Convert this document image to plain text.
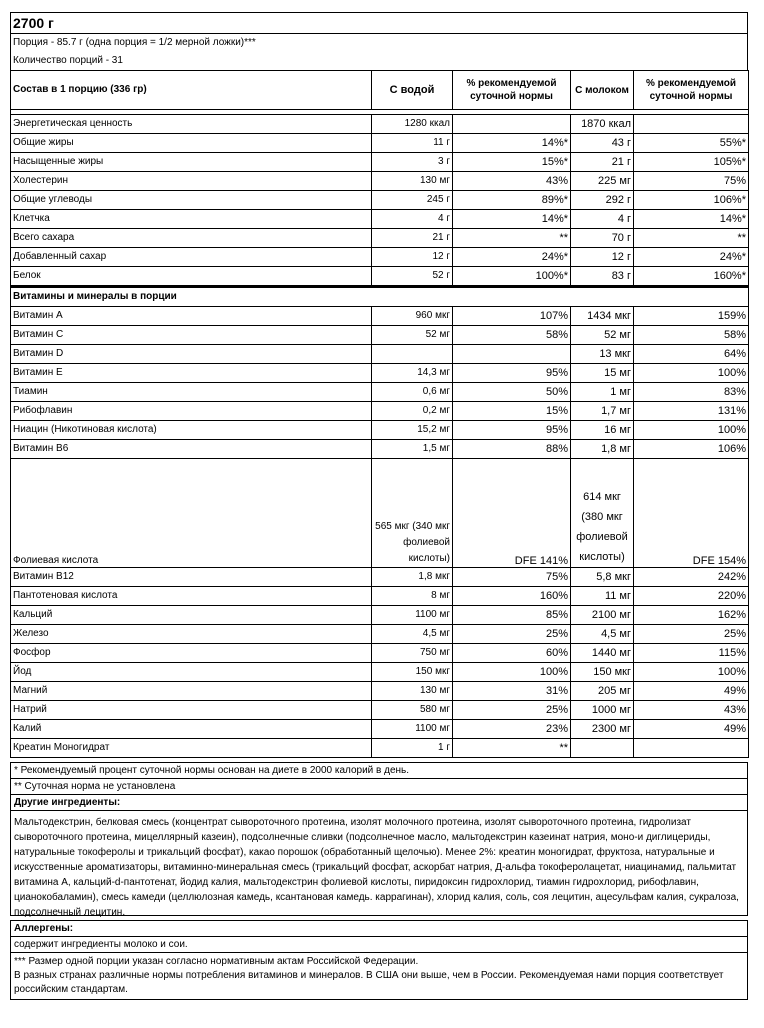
2700 г
Порция - 85.7 г (одна порция = 1/2 мерной ложки)***
Количество порций - 31
Состав в 1 порцию (336 гр)	С водой	% рекомендуемой суточной нормы	С молоком	% рекомендуемой суточной нормы

Энергетическая ценность	1280 ккал		1870 ккал	
Общие жиры	11 г	14%*	43 г	55%*
Насыщенные жиры	3 г	15%*	21 г	105%*
Холестерин	130 мг	43%	225 мг	75%
Общие углеводы	245 г	89%*	292 г	106%*
Клетчка	4 г	14%*	4 г	14%*
Всего сахара	21 г	**	70 г	**
Добавленный сахар	12 г	24%*	12 г	24%*
Белок	52 г	100%*	83 г	160%*
Витамины и минералы в порции				
Витамин А	960 мкг	107%	1434 мкг	159%
Витамин С	52 мг	58%	52 мг	58%
Витамин D			13 мкг	64%
Витамин Е	14,3 мг	95%	15 мг	100%
Тиамин	0,6 мг	50%	1 мг	83%
Рибофлавин	0,2 мг	15%	1,7 мг	131%
Ниацин (Никотиновая кислота)	15,2 мг	95%	16 мг	100%
Витамин В6	1,5 мг	88%	1,8 мг	106%
Фолиевая кислота	565 мкг (340 мкг фолиевой кислоты)	DFE 141%	614 мкг (380 мкг фолиевой кислоты)	DFE 154%
Витамин В12	1,8 мкг	75%	5,8 мкг	242%
Пантотеновая кислота	8 мг	160%	11 мг	220%
Кальций	1100 мг	85%	2100 мг	162%
Железо	4,5 мг	25%	4,5 мг	25%
Фосфор	750 мг	60%	1440 мг	115%
Йод	150 мкг	100%	150 мкг	100%
Магний	130 мг	31%	205 мг	49%
Натрий	580 мг	25%	1000 мг	43%
Калий	1100 мг	23%	2300 мг	49%
Креатин Моногидрат	1 г	**		
* Рекомендуемый процент суточной нормы основан на диете в 2000 калорий в день.
** Суточная норма не установлена
Другие ингредиенты:
Мальтодекстрин, белковая смесь (концентрат сывороточного протеина, изолят молочного протеина, изолят сывороточного протеина, гидролизат сывороточного протеина, мицеллярный казеин), подсолнечные сливки (подсолнечное масло, мальтодекстрин казеинат натрия, моно-и диглицериды, натуральные токоферолы и трикальций фосфат), какао порошок (обработанный щелочью). Менее 2%: креатин моногидрат, фруктоза, натуральные и искусственные ароматизаторы, витаминно-минеральная смесь (трикальций фосфат, аскорбат натрия, Д-альфа токоферолацетат, ниацинамид, пальмитат витамина А, кальций-d-пантотенат, йодид калия, мальтодекстрин фолиевой кислоты, пиридоксин гидрохлорид, тиамин гидрохлорид, рибофлавин, цианокобаламин), смесь камеди (целлюлозная камедь, ксантановая камедь. каррагинан), хлорид калия, соль, соя лецитин, ацесульфам калия, сукралоза, подсолнечный лецитин.
Аллергены:
содержит ингредиенты молоко и сои.
*** Размер одной порции указан согласно нормативным актам Российской Федерации.
В разных странах различные нормы потребления витаминов и минералов. В США они выше, чем в России. Рекомендуемая нами порция соответствует российским стандартам.
